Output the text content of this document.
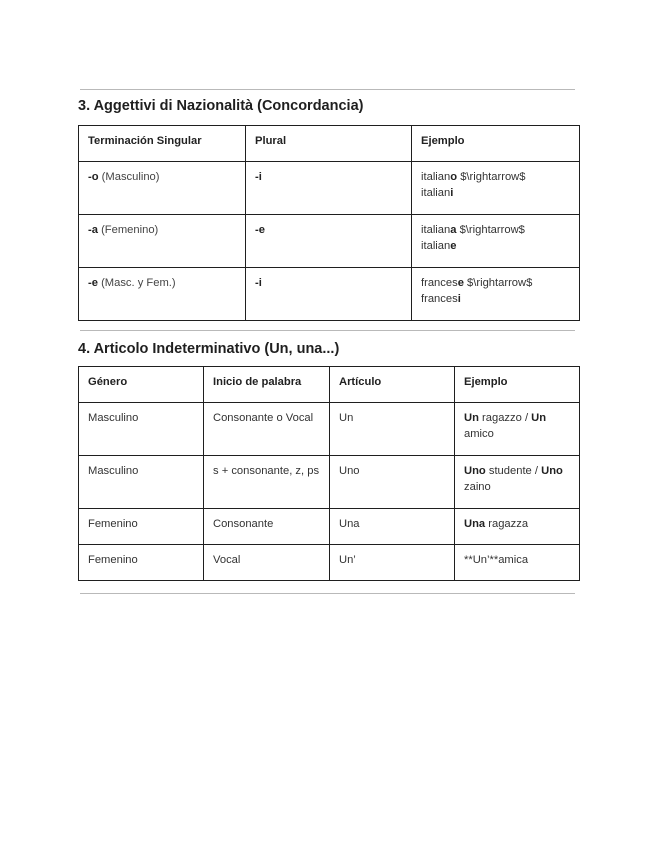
3. Aggettivi di Nazionalità (Concordancia)
Terminación Singular	Plural	Ejemplo
-o (Masculino)	-i	italiano $\rightarrow$
italiani
-a (Femenino)	-e	italiana $\rightarrow$
italiane
-e (Masc. y Fem.)	-i	francese $\rightarrow$
francesi
4. Articolo Indeterminativo (Un, una...)
Género	Inicio de palabra	Artículo	Ejemplo
Masculino	Consonante o Vocal	Un	Un ragazzo / Un amico
Masculino	s + consonante, z, ps	Uno	Uno studente / Uno zaino
Femenino	Consonante	Una	Una ragazza
Femenino	Vocal	Un’	**Un’**amica
